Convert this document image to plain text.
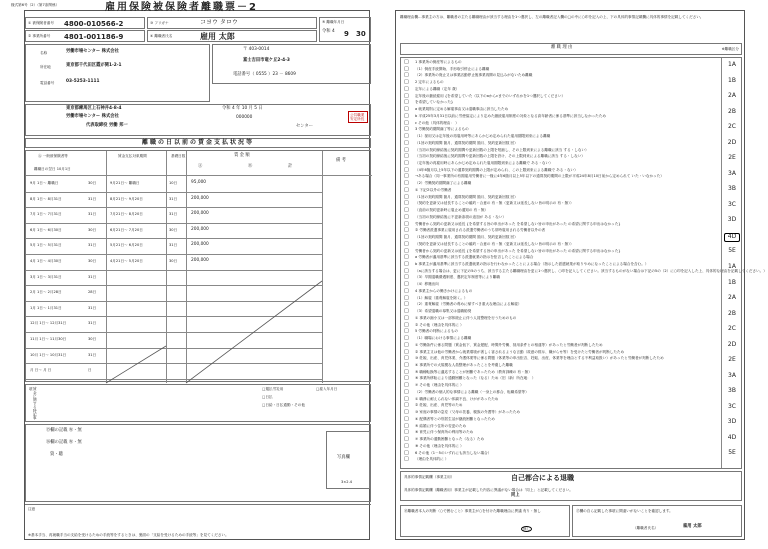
様式第6号（2）（第7条関係）	雇用保険被保険者離職票－2
① 被保険者番号 4800-010566-2
② 事業所番号 4801-001186-9
③ フリガナ	コヨウ タロウ
④ 離職者氏名	雇用 太郎
⑤ 離職年月日
令和 4 9 30
名称	労働市場センター 株式会社
所在地	東京都千代田区霞が関1-2-1
電話番号	03-5253-1111
〒 403-0014
富士吉田市竜ケ丘2-4-3
電話番号（ 0555 ）23 － 8609
東京都練馬区上石神井4-8-4
労働市場センター 株式会社
代表取締役 労働 邦一
令和 4 年 10 月 5 日
000000
センター
公共職業安定所長
離職の日以前の賃金支払状況等
Ⓐ 一般被保険者等	賃金支払対象期間	基礎日数	賃 金 額
Ⓐ	Ⓑ	計
備 考
離職日の翌日 10月1日
9月 1日～ 離職日	30日	9月21日～ 離職日	10日	95,000
8月 1日～ 8月31日	31日	8月21日～ 9月20日	31日	200,000
7月 1日～ 7月31日	31日	7月21日～ 8月20日	31日	200,000
6月 1日～ 6月30日	30日	6月21日～ 7月20日	30日	200,000
5月 1日～ 5月31日	31日	5月21日～ 6月20日	31日	200,000
4月 1日～ 4月30日	30日	4月21日～ 5月20日	30日	200,000
3月 1日～ 3月31日	31日
2月 1日～ 2月28日	28日
1月 1日～ 1月31日	31日
12月 1日～ 12月31日	31日
11月 1日～ 11月30日	30日
10月 1日～ 10月31日	31日
月 日～ 月 日	日
賃金に関する特記事項	□週払労災用	□雇入年月日
□日払
□日給・日払通勤・その他
⑮欄の記載 ㊒・無
⑯欄の記載 ㊒・無
資・聴
写真欄
3×2.4
注意
※基本手当、再就職手当の支給を受けるための手続等をするときは、裏面の「支給を受けるための手続等」を見てください。
離職理由欄…事業主の方は、離職者の主たる離職理由が該当する理由を1つ選択し、左の離職者記入欄の□の中に○印を記入の上、下の具体的事情記載欄に具体的事情を記載してください。
離 職 理 由	※離職区分
□ 1 事業所の倒産等によるもの
□ （1）倒産手続開始、手形取引停止による離職
□ （2）事業所の廃止又は事業活動停止後事業再開の見込みがないため離職
□ 2 定年によるもの
□ 定年による離職（定年 歳）
□ 定年後の継続雇用 {を希望していた（以下のaからcまでのいずれかを1つ選択してください）
□ を希望していなかった}
□ a 就業規則に定める解雇事由又は退職事由に該当したため
□ b 平成25年3月31日以前に労使協定により定めた継続雇用制度の対象となる高年齢者に係る基準に該当しなかったため
□ c その他（具体的理由： ）
□ 3 労働契約期間満了等によるもの
□ （1）採用又は定年後の再雇用時等にあらかじめ定められた雇用期限到来による離職
□ （1回の契約期間 箇月、通算契約期間 箇月、契約更新回数 回）
□ （当初の契約締結後に契約期間や更新回数の上限を短縮し、その上限到来による離職に該当 する・しない）
□ （当初の契約締結後に契約期間や更新回数の上限を設け、その上限到来による離職に該当 する・しない）
□ （定年後の再雇用時にあらかじめ定められた雇用期限到来による離職で ある・ない）
□ （4年6箇月以上5年以下の通算契約期間の上限が定められ、この上限到来による離職で ある・ない）
□ →ある場合（同一事業所の有期雇用労働者に一様に4年6箇月以上5年以下の通算契約期間の上限が平成24年8月10日前から定められて いた・いなかった）
□ （2）労働契約期間満了による離職
□ ① 下記②以外の労働者
□ （1回の契約期間 箇月、通算契約期間 箇月、契約更新回数 回）
□ （契約を更新又は延長することの確約・合意の 有・無（更新又は延長しない旨の明示の 有・無））
□ （直前の契約更新時に雇止め通知の 有・無）
□ （当初の契約締結後に不更新条項の追加が ある・ない）
□ 労働者から契約の更新又は延長 {を希望する旨の申出があった を希望しない旨の申出があった の希望に関する申出はなかった}
□ ② 労働者派遣事業に雇用される派遣労働者のうち常時雇用される労働者以外の者
□ （1回の契約期間 箇月、通算契約期間 箇月、契約更新回数 回）
□ （契約を更新又は延長することの確約・合意の 有・無（更新又は延長しない旨の明示の 有・無））
□ 労働者から契約の更新又は延長 {を希望する旨の申出があった を希望しない旨の申出があった の希望に関する申出はなかった}
□ a 労働者が適用基準に該当する派遣就業の指示を拒否したことによる場合
□ b 事業主が適用基準に該当する派遣就業の指示を行わなかったことによる場合（指示した派遣就業が取りやめになったことによる場合を含む。）
□ （aに該当する場合は、更に下記の5のうち、該当する主たる離職理由を更に1つ選択し、○印を記入してください。該当するものがない場合は下記の5の（2）に○印を記入した上、具体的な理由を記載してください。）
□ （3）早期退職優遇制度、選択定年制度等により離職
□ （4）移籍出向
□ 4 事業主からの働きかけによるもの
□ （1）解雇（重責解雇を除く。）
□ （2）重責解雇（労働者の責めに帰すべき重大な理由による解雇）
□ （3）希望退職の募集又は退職勧奨
□ ① 事業の縮小又は一部休廃止に伴う人員整理を行うためのもの
□ ② その他（理由を具体的に ）
□ 5 労働者の判断によるもの
□ （1）職場における事情による離職
□ ① 労働条件に係る問題（賃金低下、賃金遅配、時間外労働、採用条件との相違等）があったと労働者が判断したため
□ ② 事業主又は他の労働者から就業環境が著しく害されるような言動（故意の排斥、嫌がらせ等）を受けたと労働者が判断したため
□ ③ 妊娠、出産、育児休業、介護休業等に係る問題（休業等の申出拒否、妊娠、出産、休業等を理由とする不利益取扱い）があったと労働者が判断したため
□ ④ 事業所での大規模な人員整理があったことを考慮した離職
□ ⑤ 職種転換等に適応することが困難であったため（教育訓練の 有・無）
□ ⑥ 事業所移転により通勤困難となった（なる）ため（旧（新）所在地： ）
□ ⑦ その他（理由を具体的に ）
□ （2）労働者の個人的な事情による離職（一身上の都合、転職希望等）
□ ① 職務に耐えられない体調不良、けががあったため
□ ② 妊娠、出産、育児等のため
□ ③ 家庭の事情の急変（父母の扶養、親族の介護等）があったため
□ ④ 配偶者等との別居生活が継続困難となったため
□ ⑤ 結婚に伴う住所の変更のため
□ ⑥ 育児に伴う保育所の利用等のため
□ ⑦ 事業所の通勤困難となった（なる）ため
□ ⑧ その他（理由を具体的に ）
□ 6 その他（1－5のいずれにも該当しない場合）
□ （理由を具体的に ）
1A
1B
2A
2B
2C
2D
2E
3A
3B
3C
3D
4D
5E
1A
1B
2A
2B
2C
2D
2E
3A
3B
3C
3D
4D
5E
具体的事情記載欄（事業主用）	自己都合による退職
具体的事情記載欄（離職者用）事業主が記載した内容に異議がない場合は「同上」と記載してください。
同上
⑯離職者本人の判断（○で囲むこと）事業主が○を付けた離職理由に異議 有り・無し
無し
⑰欄の自ら記載した事項に間違いがないことを確認します。
（離職者氏名）	雇用 太郎
